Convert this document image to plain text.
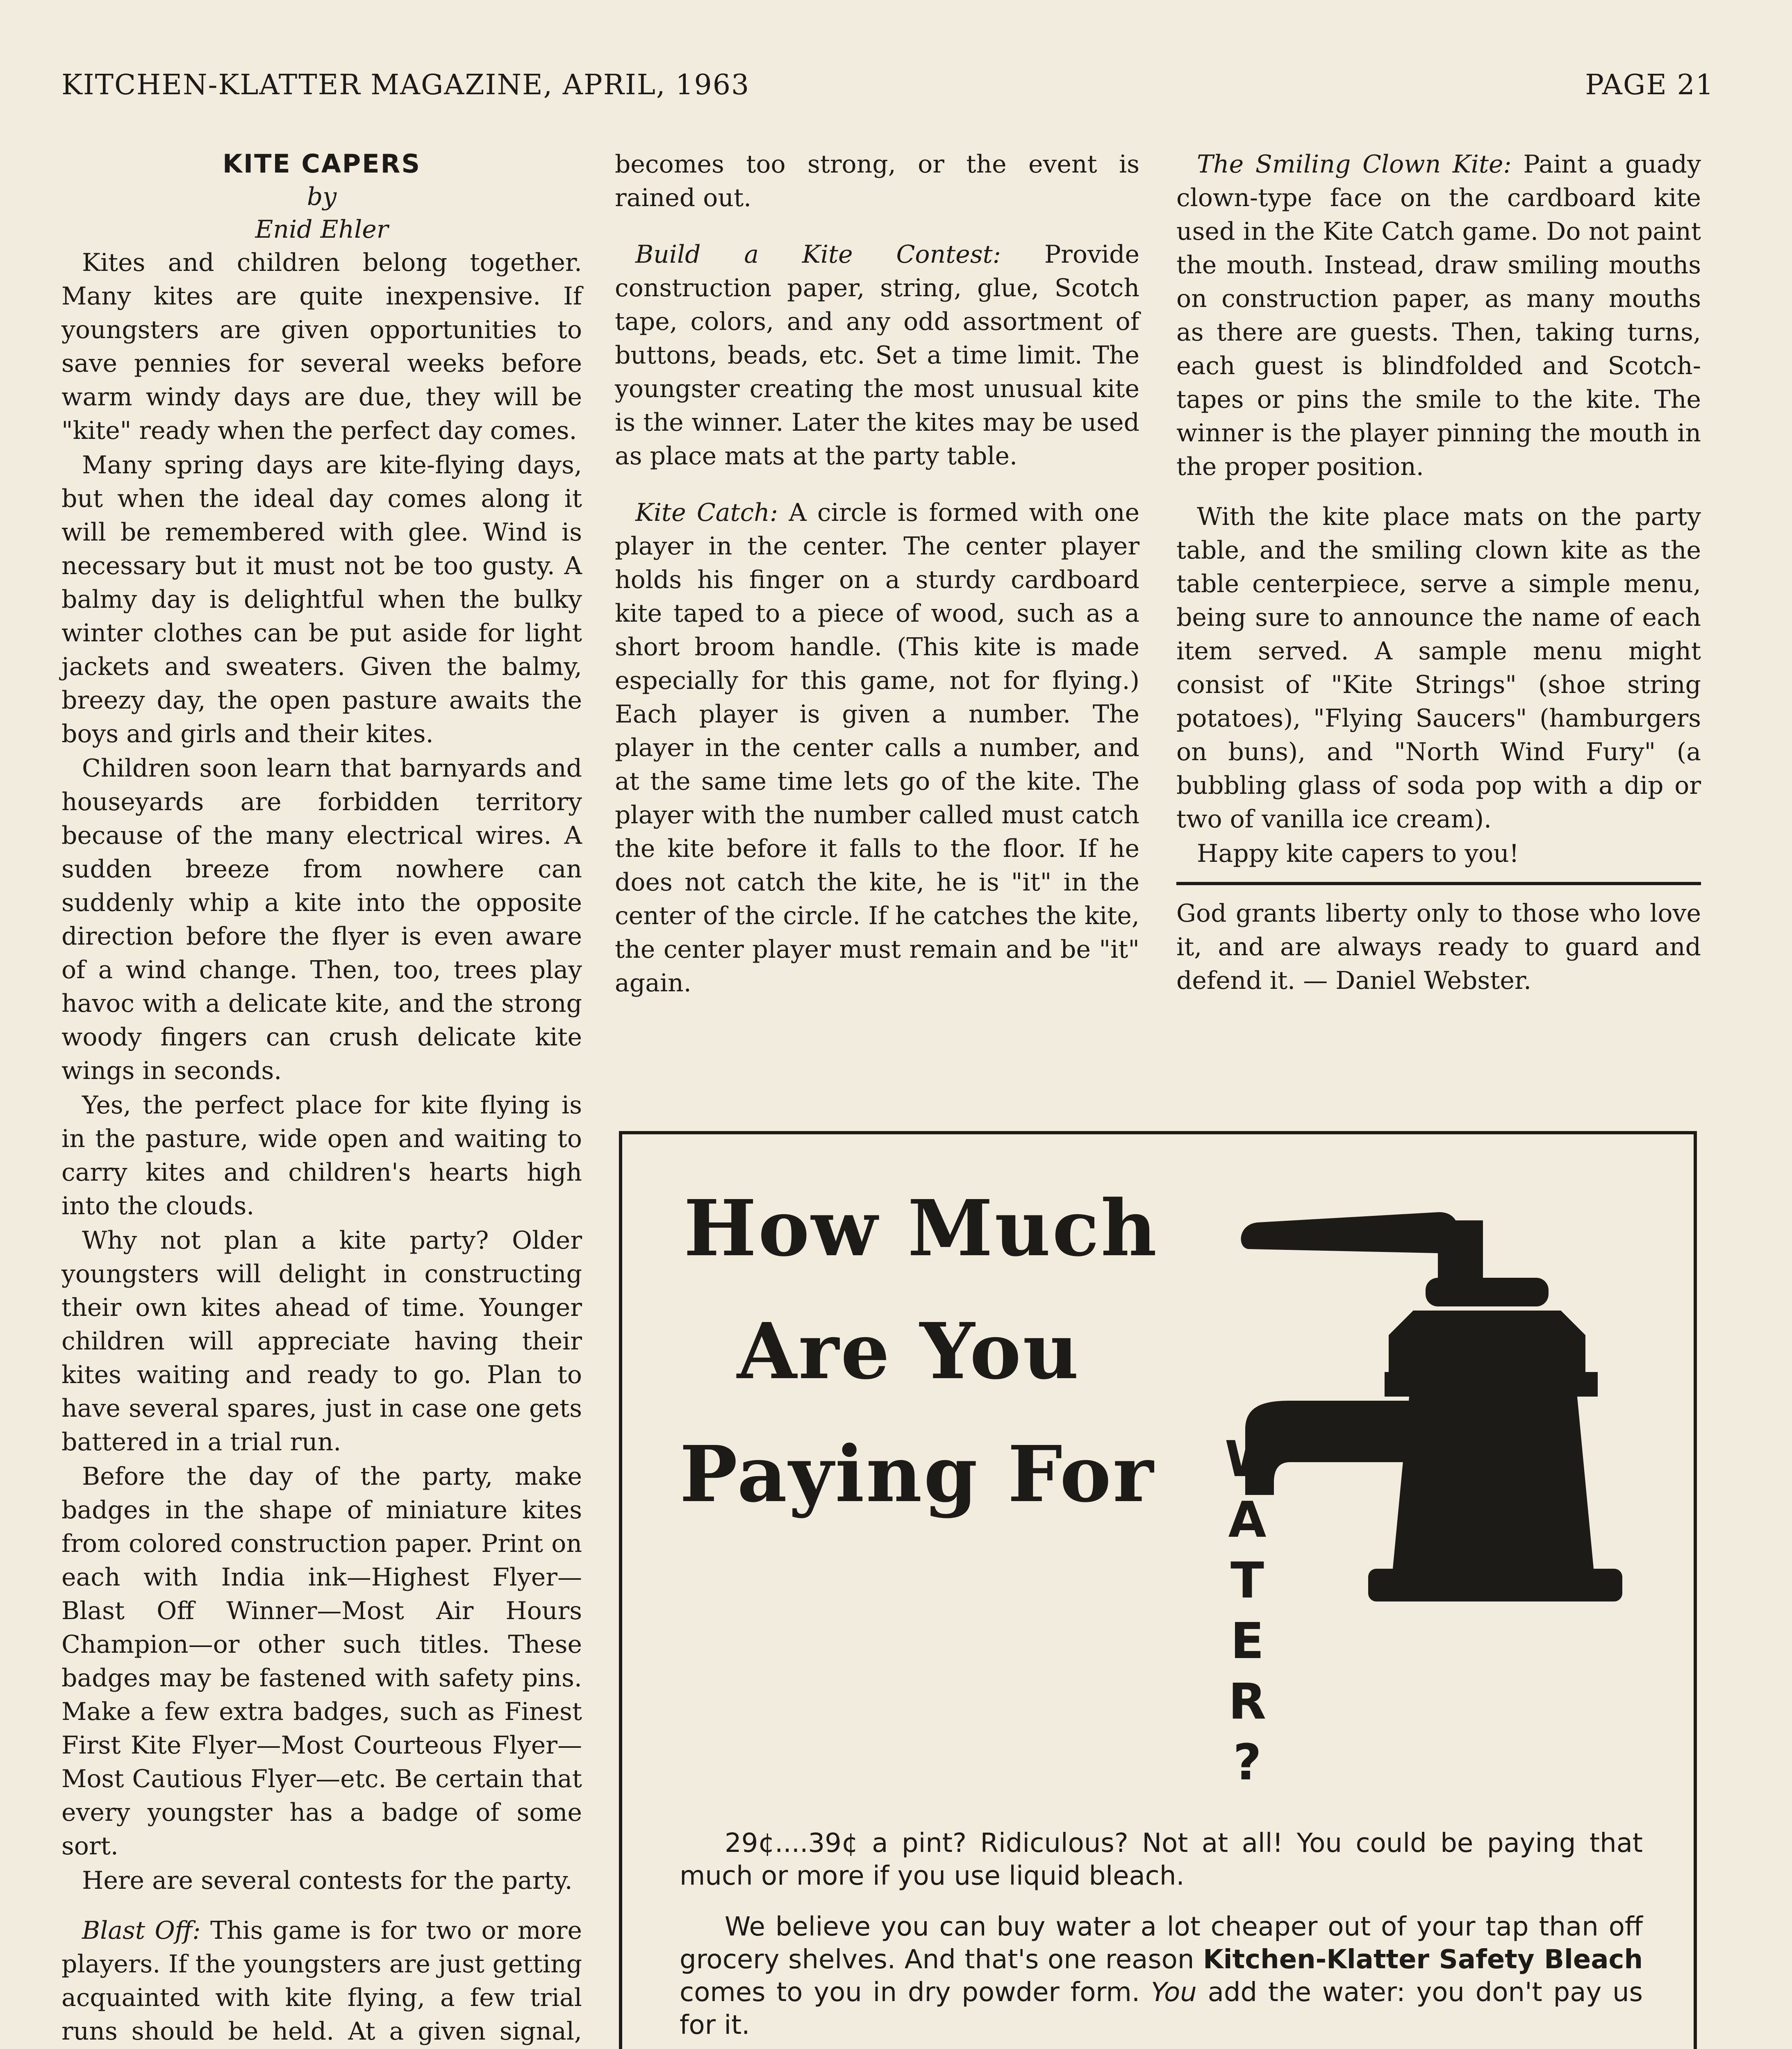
KITCHEN-KLATTER MAGAZINE, APRIL, 1963	PAGE 21
KITE CAPERS
by
Enid Ehler

Kites and children belong together. Many kites are quite inexpensive. If youngsters are given opportunities to save pennies for several weeks before warm windy days are due, they will be "kite" ready when the perfect day comes.

Many spring days are kite-flying days, but when the ideal day comes along it will be remembered with glee. Wind is necessary but it must not be too gusty. A balmy day is delightful when the bulky winter clothes can be put aside for light jackets and sweaters. Given the balmy, breezy day, the open pasture awaits the boys and girls and their kites.

Children soon learn that barnyards and houseyards are forbidden territory because of the many electrical wires. A sudden breeze from nowhere can suddenly whip a kite into the opposite direction before the flyer is even aware of a wind change. Then, too, trees play havoc with a delicate kite, and the strong woody fingers can crush delicate kite wings in seconds.

Yes, the perfect place for kite flying is in the pasture, wide open and waiting to carry kites and children's hearts high into the clouds.

Why not plan a kite party? Older youngsters will delight in constructing their own kites ahead of time. Younger children will appreciate having their kites waiting and ready to go. Plan to have several spares, just in case one gets battered in a trial run.

Before the day of the party, make badges in the shape of miniature kites from colored construction paper. Print on each with India ink—Highest Flyer—Blast Off Winner—Most Air Hours Champion—or other such titles. These badges may be fastened with safety pins. Make a few extra badges, such as Finest First Kite Flyer—Most Courteous Flyer—Most Cautious Flyer—etc. Be certain that every youngster has a badge of some sort.

Here are several contests for the party.

Blast Off: This game is for two or more players. If the youngsters are just getting acquainted with kite flying, a few trial runs should be held. At a given signal,

becomes too strong, or the event is rained out.

Build a Kite Contest: Provide construction paper, string, glue, Scotch tape, colors, and any odd assortment of buttons, beads, etc. Set a time limit. The youngster creating the most unusual kite is the winner. Later the kites may be used as place mats at the party table.

Kite Catch: A circle is formed with one player in the center. The center player holds his finger on a sturdy cardboard kite taped to a piece of wood, such as a short broom handle. (This kite is made especially for this game, not for flying.) Each player is given a number. The player in the center calls a number, and at the same time lets go of the kite. The player with the number called must catch the kite before it falls to the floor. If he does not catch the kite, he is "it" in the center of the circle. If he catches the kite, the center player must remain and be "it" again.

The Smiling Clown Kite: Paint a guady clown-type face on the cardboard kite used in the Kite Catch game. Do not paint the mouth. Instead, draw smiling mouths on construction paper, as many mouths as there are guests. Then, taking turns, each guest is blindfolded and Scotch-tapes or pins the smile to the kite. The winner is the player pinning the mouth in the proper position.

With the kite place mats on the party table, and the smiling clown kite as the table centerpiece, serve a simple menu, being sure to announce the name of each item served. A sample menu might consist of "Kite Strings" (shoe string potatoes), "Flying Saucers" (hamburgers on buns), and "North Wind Fury" (a bubbling glass of soda pop with a dip or two of vanilla ice cream).

Happy kite capers to you!

God grants liberty only to those who love it, and are always ready to guard and defend it. — Daniel Webster.

How Much
Are You
Paying For W
A
T
E
R
?

29¢....39¢ a pint? Ridiculous? Not at all! You could be paying that much or more if you use liquid bleach.

We believe you can buy water a lot cheaper out of your tap than off grocery shelves. And that's one reason Kitchen-Klatter Safety Bleach comes to you in dry powder form. You add the water: you don't pay us for it.
